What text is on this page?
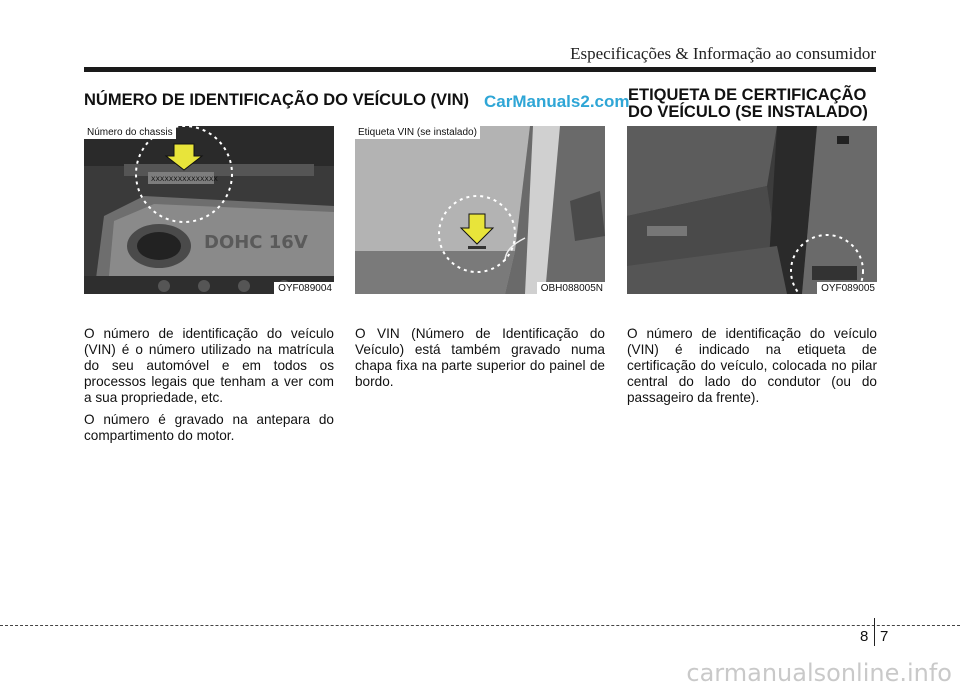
Especificações & Informação ao consumidor
NÚMERO DE IDENTIFICAÇÃO DO VEÍCULO (VIN) CarManuals2.com
ETIQUETA DE CERTIFICAÇÃO
DO VEÍCULO (SE INSTALADO)
DOHC 16V
XXXXXXXXXXXXXXX
Número do chassis
OYF089004
Etiqueta VIN (se instalado)
OBH088005N	OYF089005

O número de identificação do veículo (VIN) é o número utilizado na matrícula do seu automóvel e em todos os processos legais que tenham a ver com a sua propriedade, etc.

O número é gravado na antepara do compartimento do motor.

O VIN (Número de Identificação do Veículo) está também gravado numa chapa fixa na parte superior do painel de bordo.

O número de identificação do veículo (VIN) é indicado na etiqueta de certificação do veículo, colocada no pilar central do lado do condutor (ou do passageiro da frente).

8 7
carmanualsonline.info
